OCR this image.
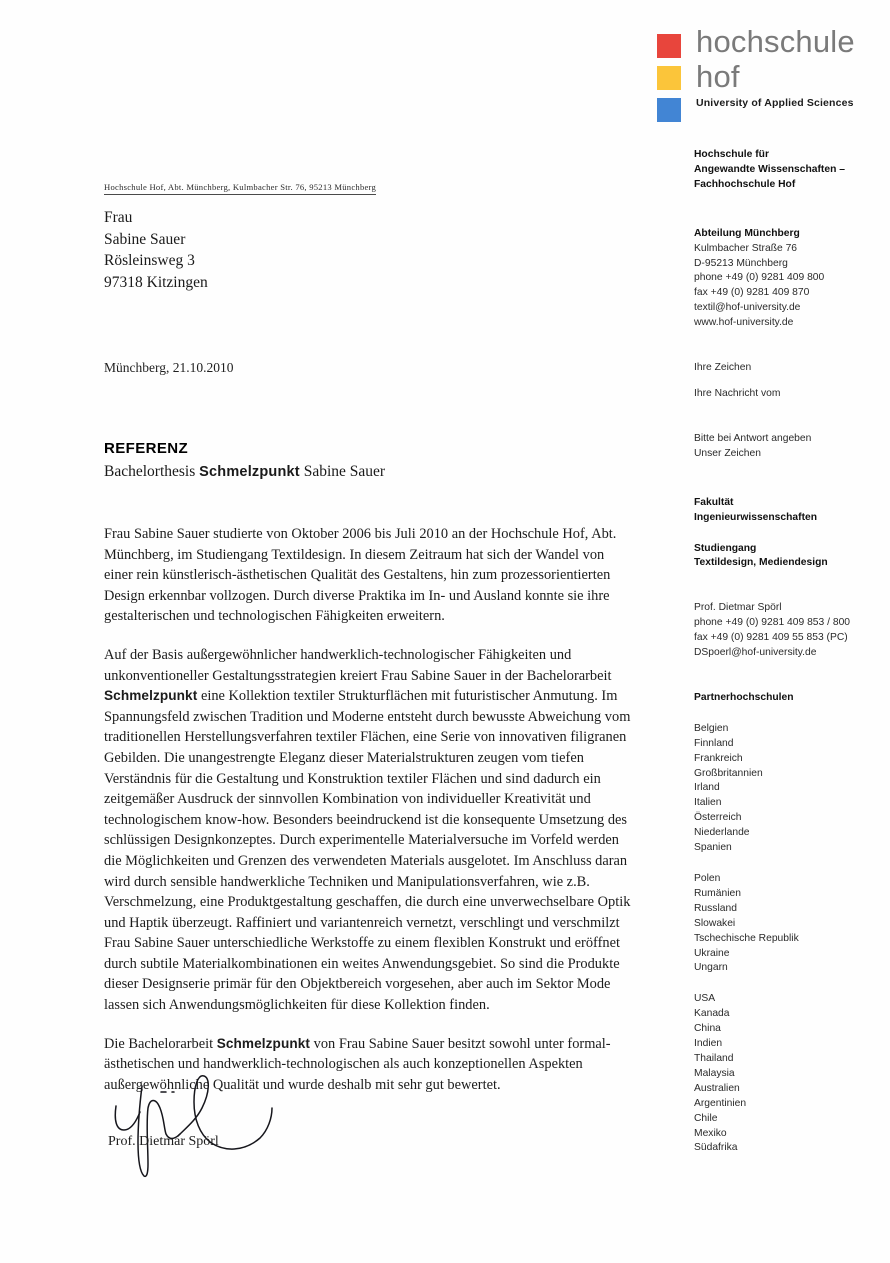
hochschule
hof
University of Applied Sciences
Hochschule für
Angewandte Wissenschaften –
Fachhochschule Hof
Abteilung Münchberg
Kulmbacher Straße 76
D-95213 Münchberg
phone +49 (0) 9281 409 800
fax +49 (0) 9281 409 870
textil@hof-university.de
www.hof-university.de
Ihre Zeichen
Ihre Nachricht vom
Bitte bei Antwort angeben
Unser Zeichen
Fakultät
Ingenieurwissenschaften
Studiengang
Textildesign, Mediendesign
Prof. Dietmar Spörl
phone +49 (0) 9281 409 853 / 800
fax +49 (0) 9281 409 55 853 (PC)
DSpoerl@hof-university.de
Partnerhochschulen
Belgien
Finnland
Frankreich
Großbritannien
Irland
Italien
Österreich
Niederlande
Spanien
Polen
Rumänien
Russland
Slowakei
Tschechische Republik
Ukraine
Ungarn
USA
Kanada
China
Indien
Thailand
Malaysia
Australien
Argentinien
Chile
Mexiko
Südafrika
Hochschule Hof, Abt. Münchberg, Kulmbacher Str. 76, 95213 Münchberg
Frau
Sabine Sauer
Rösleinsweg 3
97318 Kitzingen
Münchberg, 21.10.2010
REFERENZ
Bachelorthesis Schmelzpunkt Sabine Sauer

Frau Sabine Sauer studierte von Oktober 2006 bis Juli 2010 an der Hochschule Hof, Abt. Münchberg, im Studiengang Textildesign. In diesem Zeitraum hat sich der Wandel von einer rein künstlerisch-ästhetischen Qualität des Gestaltens, hin zum prozessorientierten Design erkennbar vollzogen. Durch diverse Praktika im In- und Ausland konnte sie ihre gestalterischen und technologischen Fähigkeiten erweitern.

Auf der Basis außergewöhnlicher handwerklich-technologischer Fähigkeiten und unkonventioneller Gestaltungsstrategien kreiert Frau Sabine Sauer in der Bachelorarbeit Schmelzpunkt eine Kollektion textiler Strukturflächen mit futuristischer Anmutung. Im Spannungsfeld zwischen Tradition und Moderne entsteht durch bewusste Abweichung vom traditionellen Herstellungsverfahren textiler Flächen, eine Serie von innovativen filigranen Gebilden. Die unangestrengte Eleganz dieser Materialstrukturen zeugen vom tiefen Verständnis für die Gestaltung und Konstruktion textiler Flächen und sind dadurch ein zeitgemäßer Ausdruck der sinnvollen Kombination von individueller Kreativität und technologischem know-how. Besonders beeindruckend ist die konsequente Umsetzung des schlüssigen Designkonzeptes. Durch experimentelle Materialversuche im Vorfeld werden die Möglichkeiten und Grenzen des verwendeten Materials ausgelotet. Im Anschluss daran wird durch sensible handwerkliche Techniken und Manipulationsverfahren, wie z.B. Verschmelzung, eine Produktgestaltung geschaffen, die durch eine unverwechselbare Optik und Haptik überzeugt. Raffiniert und variantenreich vernetzt, verschlingt und verschmilzt Frau Sabine Sauer unterschiedliche Werkstoffe zu einem flexiblen Konstrukt und eröffnet durch subtile Materialkombinationen ein weites Anwendungsgebiet. So sind die Produkte dieser Designserie primär für den Objektbereich vorgesehen, aber auch im Sektor Mode lassen sich Anwendungsmöglichkeiten für diese Kollektion finden.

Die Bachelorarbeit Schmelzpunkt von Frau Sabine Sauer besitzt sowohl unter formal-ästhetischen und handwerklich-technologischen als auch konzeptionellen Aspekten außergewöhnliche Qualität und wurde deshalb mit sehr gut bewertet.

Prof. Dietmar Spörl
